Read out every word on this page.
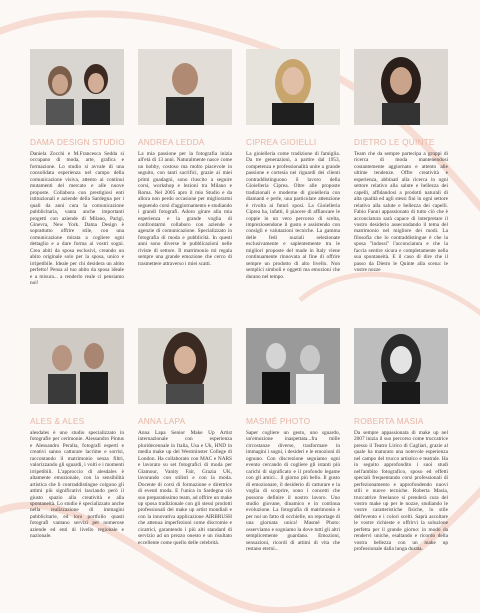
DAMA DESIGN STUDIO
Daniela Zocchi e M.Francesca Sedda si occupano di moda, arte, grafica e formazione. Lo studio si avvale di una consolidata esperienza nel campo della comunicazione visiva, attento ai continui mutamenti del mercato e alle nuove proposte. Collabora con prestigiosi enti istituzionali e aziende della Sardegna per i quali da anni cura la comunicazione pubblicitaria, vanta anche importanti progetti con aziende di Milano, Parigi, Ginevra, New York. Dama Design è soprattutto offrire stile, con una comunicazione mirata a cogliere ogni dettaglio e a dare forma ai vostri sogni. Crea abiti da sposa esclusivi, creando un abito originale solo per la sposa, unico e irripetibile. Ideale per chi desidera un abito perfetto! Pensa al tuo abito da sposa ideale e a misura... a renderlo reale ci pensiamo noi!
ALES & ALES
alesdales è uno studio specializzato in fotografie per cerimonie. Alessandro Pintus e Alessandro Peralta, fotografi esperti e creativi sanno catturare lacrime e sorrisi, raccontando il matrimonio senza filtri, valorizzando gli sguardi, i volti e i momenti irripetibili. L'approccio di alesdales è altamente emozionale, con la sensibilità artistica che li contraddistingue colgono gli attimi più significativi lasciando però il giusto spazio alla creatività e alla spontaneità. Lo studio è specializzato anche nella realizzazione di immagini pubblicitarie, ed loro portfolio quasti fotografi vantano servizi per numerose aziende ed enti di livello regionale e nazionale.
ANDREA LEDDA
La mia passione per la fotografia inizia all'età di 13 anni. Naturalmente nasce come un hobby, costoso ma molto piacevole in seguito, con tanti sacrifici, grazie ai miei primi guadagni, sono riuscito a seguire corsi, workshop e lezioni tra Milano e Roma. Nel 2005 apro il mio Studio e da allora non perdo occasione per migliorarmi seguendo corsi d'aggiornamento e studiando i grandi fotografi. Adoro girare alla mia esperienza e la grande voglia di confrontarmi collaboro con aziende e agenzie di comunicazione. Specializzato in fotografia di moda e pubblicità. In questi anni sono diverse le pubblicazioni nelle riviste di settore. Il matrimonio mi regala sempre una grande emozione che cerco di trasmettere attraverso i miei scatti.
ANNA LAPA
Anna Lapa Senior Make Up Artist internazionale con esperienza pluridecennale in Italia, Usa e Uk, HND in media make up del Westminster College di London. Ha collaborato con MAC e NARS e lavorato su set fotografici di moda per Glamour, Vanity Fair, Grazia UK, lavorando con stilisti e con la moda. Docente di corsi di formazione e direttrice di eventi moda. E l'unica in Sardegna ciò suo preparatissimo team, ad offrire un make up sposa tradizionale con gli stessi prodotti professionali dei make up artist mondiali e con la innovativa applicazione AIRBRUSH che attenua imperfezioni come discromie e cicatrici, garantendo i più alti standard di servizio ad un prezzo onesto e un risultato eccellente come quello delle celebrità.
CIPREA GIOIELLI
La gioielleria come tradizione di famiglia. Da tre generazioni, a partire dal 1953, competenza e professionalità unite a grande passione e cortesia nei riguardi dei clienti contraddistinguono il lavoro della Gioielleria Ciprea. Oltre alle proposte tradizionali e moderne di gioielleria con diamanti e perle, una particolare attenzione è rivolta ai futuri sposi. La Gioielleria Ciprea ha, infatti, il piacere di affiancare le coppie in un vero percorso di scelta, impreziosendone il gusto e assistendo con consigli e valutazioni tecniche. La gamma delle fedi nuziali selezionate esclusivamente e sapientemente tra le migliori proposte del made in Italy viene continuamente rinnovata al fine di offrire sempre un prodotto di alto livello. Non semplici simboli e oggetti ma emozioni che durano nel tempo.
MASMÉ PHOTO
Saper cogliere un gesto, uno sguardo, un'emozione inaspettata...fra mille circostanze diverse, trasformare in immagini i sogni, i desideri e le emozioni di ognuno. Con discrezione seguiamo ogni evento cercando di cogliere gli istanti più carichi di significato e il profondo legame con gli amici... il giorno più bello. Il gusto di emozionare, il desiderio di catturare e la voglia di scoprire, sono i concetti che possono definire il nostro lavoro. Uno studio giovane, dinamico e in continua evoluzione. La fotografia di matrimonio è per noi un fatto di occhielle, un reportage di una giornata unica! Masmé Photo: osserviamo e sogniamo la dove tutti gli altri semplicemente guardano. Emozioni, sensazioni, ricordi di attimi di vita che restano eterni...
DIETRO LE QUINTE
Team che da sempre partecipa a gruppi di ricerca di moda mantenendosi costantemente aggiornato e attento alle ultime tendenze. Offre creatività e esperienza, abbinati alla ricerca in ogni settore relativo alla salute e bellezza dei capelli, affidandosi a prodotti naturali di alta qualità ed agli stessi fini in ogni settore relativo alla salute e bellezza dei capelli. Fabio Fanni appassionato di tutto ciò che è acconciatura sarà capace di interpretare il vostro desiderio assecondando il tema del matrimonio nel migliore dei modi. La filosofia che lo contraddistingue è che la sposa "indossi" l'acconciatura e che la faccia sentire sicura e completamente nella sua spontaneità. E il caso di dire che il passo da Dietro le Quinte alla scena: le vostre nozze
ROBERTA MASIA
Da sempre appassionata di make up nel 2007 inizia il suo percorso come truccatrice presso il Teatro Lirico di Cagliari, grazie al quale ha maturato una notevole esperienza nel campo del trucco artistico e teatrale. Ha in seguito approfondito i suoi studi nell'ambito fotografico, sposo ed effetti speciali frequentando corsi professionali di perfezionamento e approfondendo nuovi stili e nuove tecniche. Roberta Masia, truccatrice freelance si prenderà cura del vostro make up per le nozze, studiando le vostre caratteristiche fisiche, lo stile dell'evento e i colori scelti. Saprà ascoltare le vostre richieste e offrirvi la soluzione perfetta per il grande giorno: in modo da rendervi uniche, esaltando e ricordo della vostra bellezza con un make up professionale dalla lunga durata.
